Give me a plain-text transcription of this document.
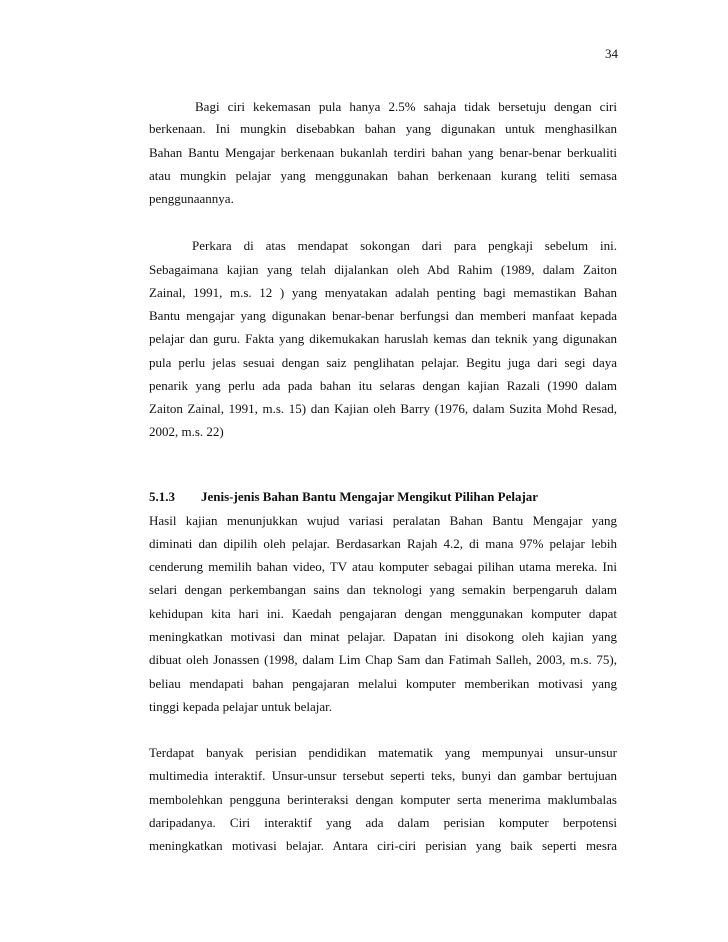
34
Bagi ciri kekemasan pula hanya 2.5% sahaja tidak bersetuju dengan ciri
berkenaan. Ini mungkin disebabkan bahan yang digunakan untuk menghasilkan
Bahan Bantu Mengajar berkenaan bukanlah terdiri bahan yang benar-benar berkualiti
atau mungkin pelajar yang menggunakan bahan berkenaan kurang teliti semasa
penggunaannya.
Perkara di atas mendapat sokongan dari para pengkaji sebelum ini.
Sebagaimana kajian yang telah dijalankan oleh Abd Rahim (1989, dalam Zaiton
Zainal, 1991, m.s. 12 ) yang menyatakan adalah penting bagi memastikan Bahan
Bantu mengajar yang digunakan benar-benar berfungsi dan memberi manfaat kepada
pelajar dan guru. Fakta yang dikemukakan haruslah kemas dan teknik yang digunakan
pula perlu jelas sesuai dengan saiz penglihatan pelajar. Begitu juga dari segi daya
penarik yang perlu ada pada bahan itu selaras dengan kajian Razali (1990 dalam
Zaiton Zainal, 1991, m.s. 15) dan Kajian oleh Barry (1976, dalam Suzita Mohd Resad,
2002, m.s. 22)
5.1.3 Jenis-jenis Bahan Bantu Mengajar Mengikut Pilihan Pelajar
Hasil kajian menunjukkan wujud variasi peralatan Bahan Bantu Mengajar yang
diminati dan dipilih oleh pelajar. Berdasarkan Rajah 4.2, di mana 97% pelajar lebih
cenderung memilih bahan video, TV atau komputer sebagai pilihan utama mereka. Ini
selari dengan perkembangan sains dan teknologi yang semakin berpengaruh dalam
kehidupan kita hari ini. Kaedah pengajaran dengan menggunakan komputer dapat
meningkatkan motivasi dan minat pelajar. Dapatan ini disokong oleh kajian yang
dibuat oleh Jonassen (1998, dalam Lim Chap Sam dan Fatimah Salleh, 2003, m.s. 75),
beliau mendapati bahan pengajaran melalui komputer memberikan motivasi yang
tinggi kepada pelajar untuk belajar.
Terdapat banyak perisian pendidikan matematik yang mempunyai unsur-unsur
multimedia interaktif. Unsur-unsur tersebut seperti teks, bunyi dan gambar bertujuan
membolehkan pengguna berinteraksi dengan komputer serta menerima maklumbalas
daripadanya. Ciri interaktif yang ada dalam perisian komputer berpotensi
meningkatkan motivasi belajar. Antara ciri-ciri perisian yang baik seperti mesra
